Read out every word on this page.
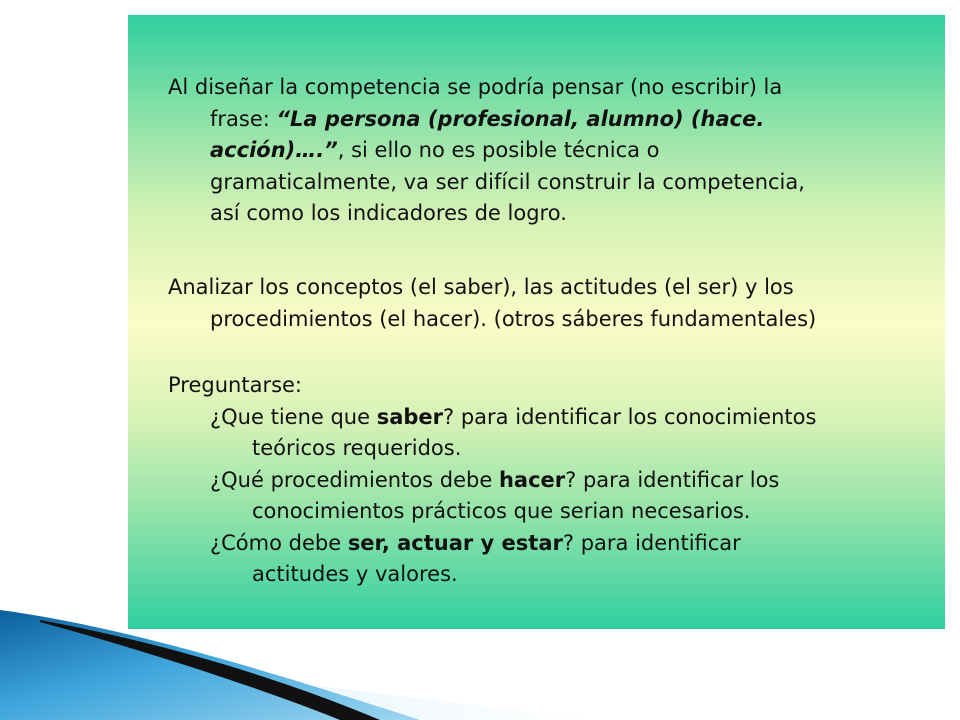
Al diseñar la competencia se podría pensar (no escribir) la
frase: “La persona (profesional, alumno) (hace.
acción)….”, si ello no es posible técnica o
gramaticalmente, va ser difícil construir la competencia,
así como los indicadores de logro.
Analizar los conceptos (el saber), las actitudes (el ser) y los
procedimientos (el hacer). (otros sáberes fundamentales)
Preguntarse:
¿Que tiene que saber? para identificar los conocimientos
teóricos requeridos.
¿Qué procedimientos debe hacer? para identificar los
conocimientos prácticos que serian necesarios.
¿Cómo debe ser, actuar y estar? para identificar
actitudes y valores.
